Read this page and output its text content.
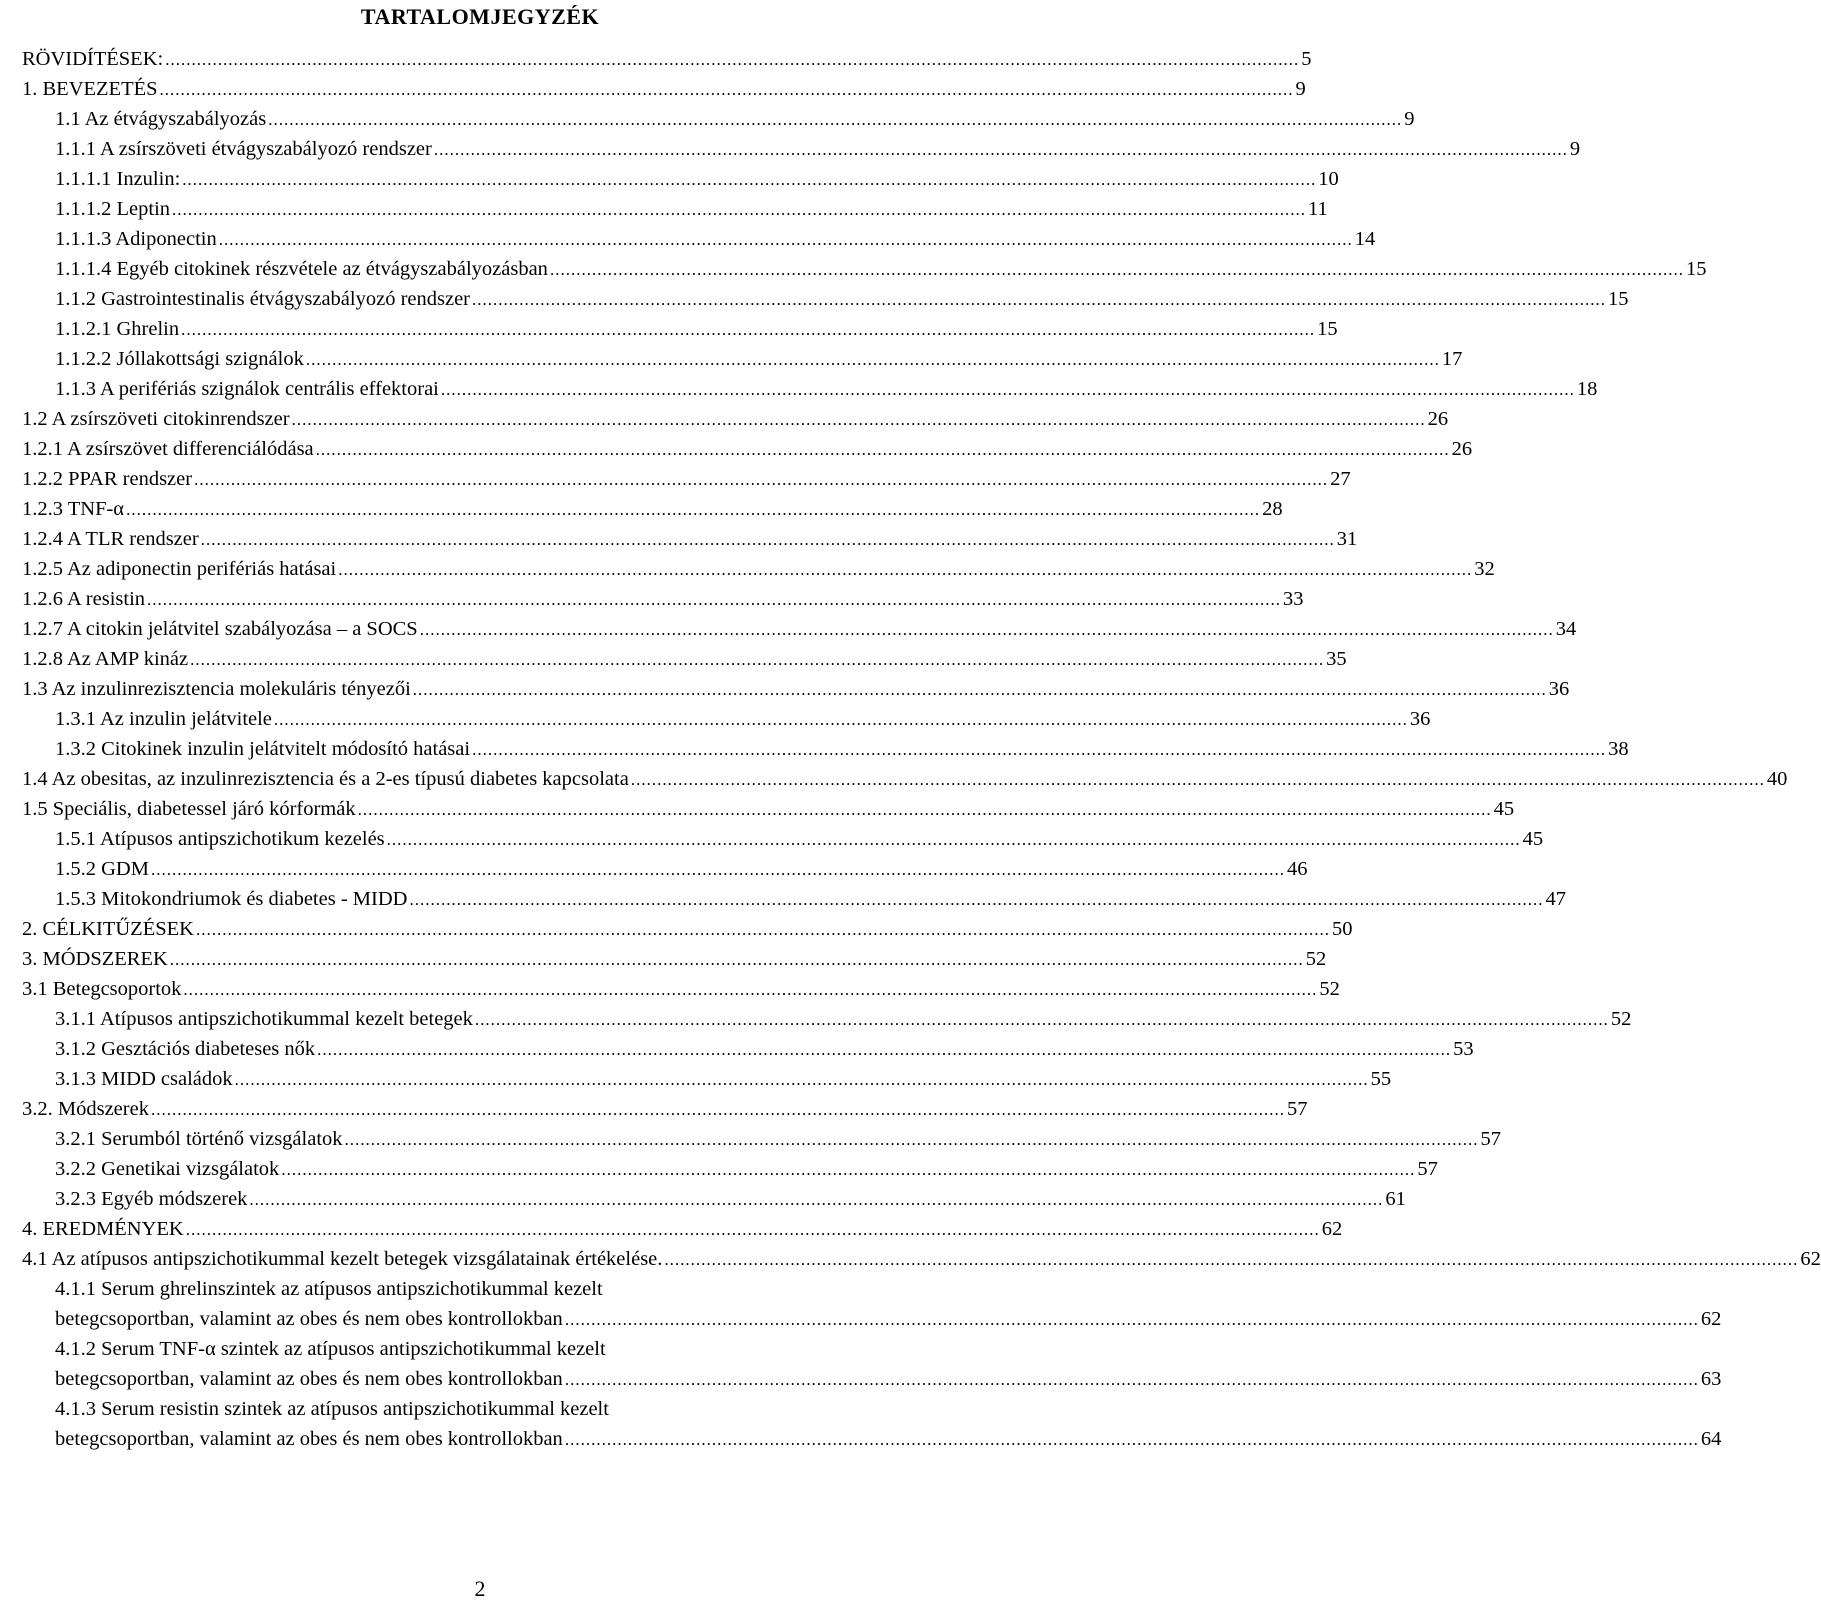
TARTALOMJEGYZÉK
RÖVIDÍTÉSEK: ........................................................................................................................................................................................................................ 5
1. BEVEZETÉS ........................................................................................................................................................................................................................ 9
1.1 Az étvágyszabályozás ........................................................................................................................................................................................................................ 9
1.1.1 A zsírszöveti étvágyszabályozó rendszer ........................................................................................................................................................................................................................ 9
1.1.1.1 Inzulin: ........................................................................................................................................................................................................................ 10
1.1.1.2 Leptin ........................................................................................................................................................................................................................ 11
1.1.1.3 Adiponectin ........................................................................................................................................................................................................................ 14
1.1.1.4 Egyéb citokinek részvétele az étvágyszabályozásban ........................................................................................................................................................................................................................ 15
1.1.2 Gastrointestinalis étvágyszabályozó rendszer ........................................................................................................................................................................................................................ 15
1.1.2.1 Ghrelin ........................................................................................................................................................................................................................ 15
1.1.2.2 Jóllakottsági szignálok ........................................................................................................................................................................................................................ 17
1.1.3 A perifériás szignálok centrális effektorai ........................................................................................................................................................................................................................ 18
1.2 A zsírszöveti citokinrendszer ........................................................................................................................................................................................................................ 26
1.2.1 A zsírszövet differenciálódása ........................................................................................................................................................................................................................ 26
1.2.2 PPAR rendszer ........................................................................................................................................................................................................................ 27
1.2.3 TNF-α ........................................................................................................................................................................................................................ 28
1.2.4 A TLR rendszer ........................................................................................................................................................................................................................ 31
1.2.5 Az adiponectin perifériás hatásai ........................................................................................................................................................................................................................ 32
1.2.6 A resistin ........................................................................................................................................................................................................................ 33
1.2.7 A citokin jelátvitel szabályozása – a SOCS ........................................................................................................................................................................................................................ 34
1.2.8 Az AMP kináz ........................................................................................................................................................................................................................ 35
1.3 Az inzulinrezisztencia molekuláris tényezői ........................................................................................................................................................................................................................ 36
1.3.1 Az inzulin jelátvitele ........................................................................................................................................................................................................................ 36
1.3.2 Citokinek inzulin jelátvitelt módosító hatásai ........................................................................................................................................................................................................................ 38
1.4 Az obesitas, az inzulinrezisztencia és a 2-es típusú diabetes kapcsolata ........................................................................................................................................................................................................................ 40
1.5 Speciális, diabetessel járó kórformák ........................................................................................................................................................................................................................ 45
1.5.1 Atípusos antipszichotikum kezelés ........................................................................................................................................................................................................................ 45
1.5.2 GDM ........................................................................................................................................................................................................................ 46
1.5.3 Mitokondriumok és diabetes - MIDD ........................................................................................................................................................................................................................ 47
2. CÉLKITŰZÉSEK ........................................................................................................................................................................................................................ 50
3. MÓDSZEREK ........................................................................................................................................................................................................................ 52
3.1 Betegcsoportok ........................................................................................................................................................................................................................ 52
3.1.1 Atípusos antipszichotikummal kezelt betegek ........................................................................................................................................................................................................................ 52
3.1.2 Gesztációs diabeteses nők ........................................................................................................................................................................................................................ 53
3.1.3 MIDD családok ........................................................................................................................................................................................................................ 55
3.2. Módszerek ........................................................................................................................................................................................................................ 57
3.2.1 Serumból történő vizsgálatok ........................................................................................................................................................................................................................ 57
3.2.2 Genetikai vizsgálatok ........................................................................................................................................................................................................................ 57
3.2.3 Egyéb módszerek ........................................................................................................................................................................................................................ 61
4. EREDMÉNYEK ........................................................................................................................................................................................................................ 62
4.1 Az atípusos antipszichotikummal kezelt betegek vizsgálatainak értékelése. ........................................................................................................................................................................................................................ 62
4.1.1 Serum ghrelinszintek az atípusos antipszichotikummal kezelt
betegcsoportban, valamint az obes és nem obes kontrollokban ........................................................................................................................................................................................................................ 62
4.1.2 Serum TNF-α szintek az atípusos antipszichotikummal kezelt
betegcsoportban, valamint az obes és nem obes kontrollokban ........................................................................................................................................................................................................................ 63
4.1.3 Serum resistin szintek az atípusos antipszichotikummal kezelt
betegcsoportban, valamint az obes és nem obes kontrollokban ........................................................................................................................................................................................................................ 64
2
